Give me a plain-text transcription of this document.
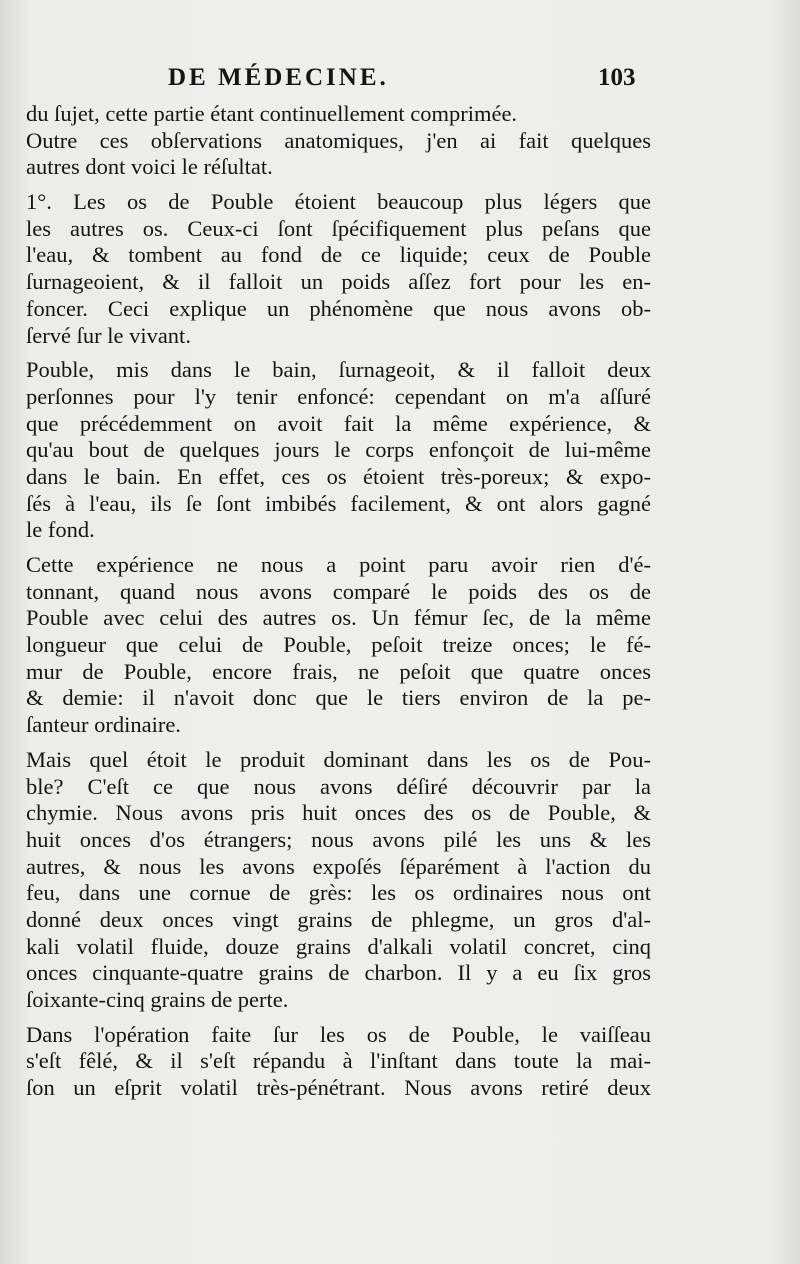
DE MÉDECINE.	103
du ſujet, cette partie étant continuellement comprimée.
Outre ces obſervations anatomiques, j'en ai fait quelques
autres dont voici le réſultat.
1°. Les os de Pouble étoient beaucoup plus légers que
les autres os. Ceux-ci ſont ſpécifiquement plus peſans que
l'eau, & tombent au fond de ce liquide; ceux de Pouble
ſurnageoient, & il falloit un poids aſſez fort pour les en-
foncer. Ceci explique un phénomène que nous avons ob-
ſervé ſur le vivant.
Pouble, mis dans le bain, ſurnageoit, & il falloit deux
perſonnes pour l'y tenir enfoncé: cependant on m'a aſſuré
que précédemment on avoit fait la même expérience, &
qu'au bout de quelques jours le corps enfonçoit de lui-même
dans le bain. En effet, ces os étoient très-poreux; & expo-
ſés à l'eau, ils ſe ſont imbibés facilement, & ont alors gagné
le fond.
Cette expérience ne nous a point paru avoir rien d'é-
tonnant, quand nous avons comparé le poids des os de
Pouble avec celui des autres os. Un fémur ſec, de la même
longueur que celui de Pouble, peſoit treize onces; le fé-
mur de Pouble, encore frais, ne peſoit que quatre onces
& demie: il n'avoit donc que le tiers environ de la pe-
ſanteur ordinaire.
Mais quel étoit le produit dominant dans les os de Pou-
ble? C'eſt ce que nous avons déſiré découvrir par la
chymie. Nous avons pris huit onces des os de Pouble, &
huit onces d'os étrangers; nous avons pilé les uns & les
autres, & nous les avons expoſés ſéparément à l'action du
feu, dans une cornue de grès: les os ordinaires nous ont
donné deux onces vingt grains de phlegme, un gros d'al-
kali volatil fluide, douze grains d'alkali volatil concret, cinq
onces cinquante-quatre grains de charbon. Il y a eu ſix gros
ſoixante-cinq grains de perte.
Dans l'opération faite ſur les os de Pouble, le vaiſſeau
s'eſt fêlé, & il s'eſt répandu à l'inſtant dans toute la mai-
ſon un eſprit volatil très-pénétrant. Nous avons retiré deux
